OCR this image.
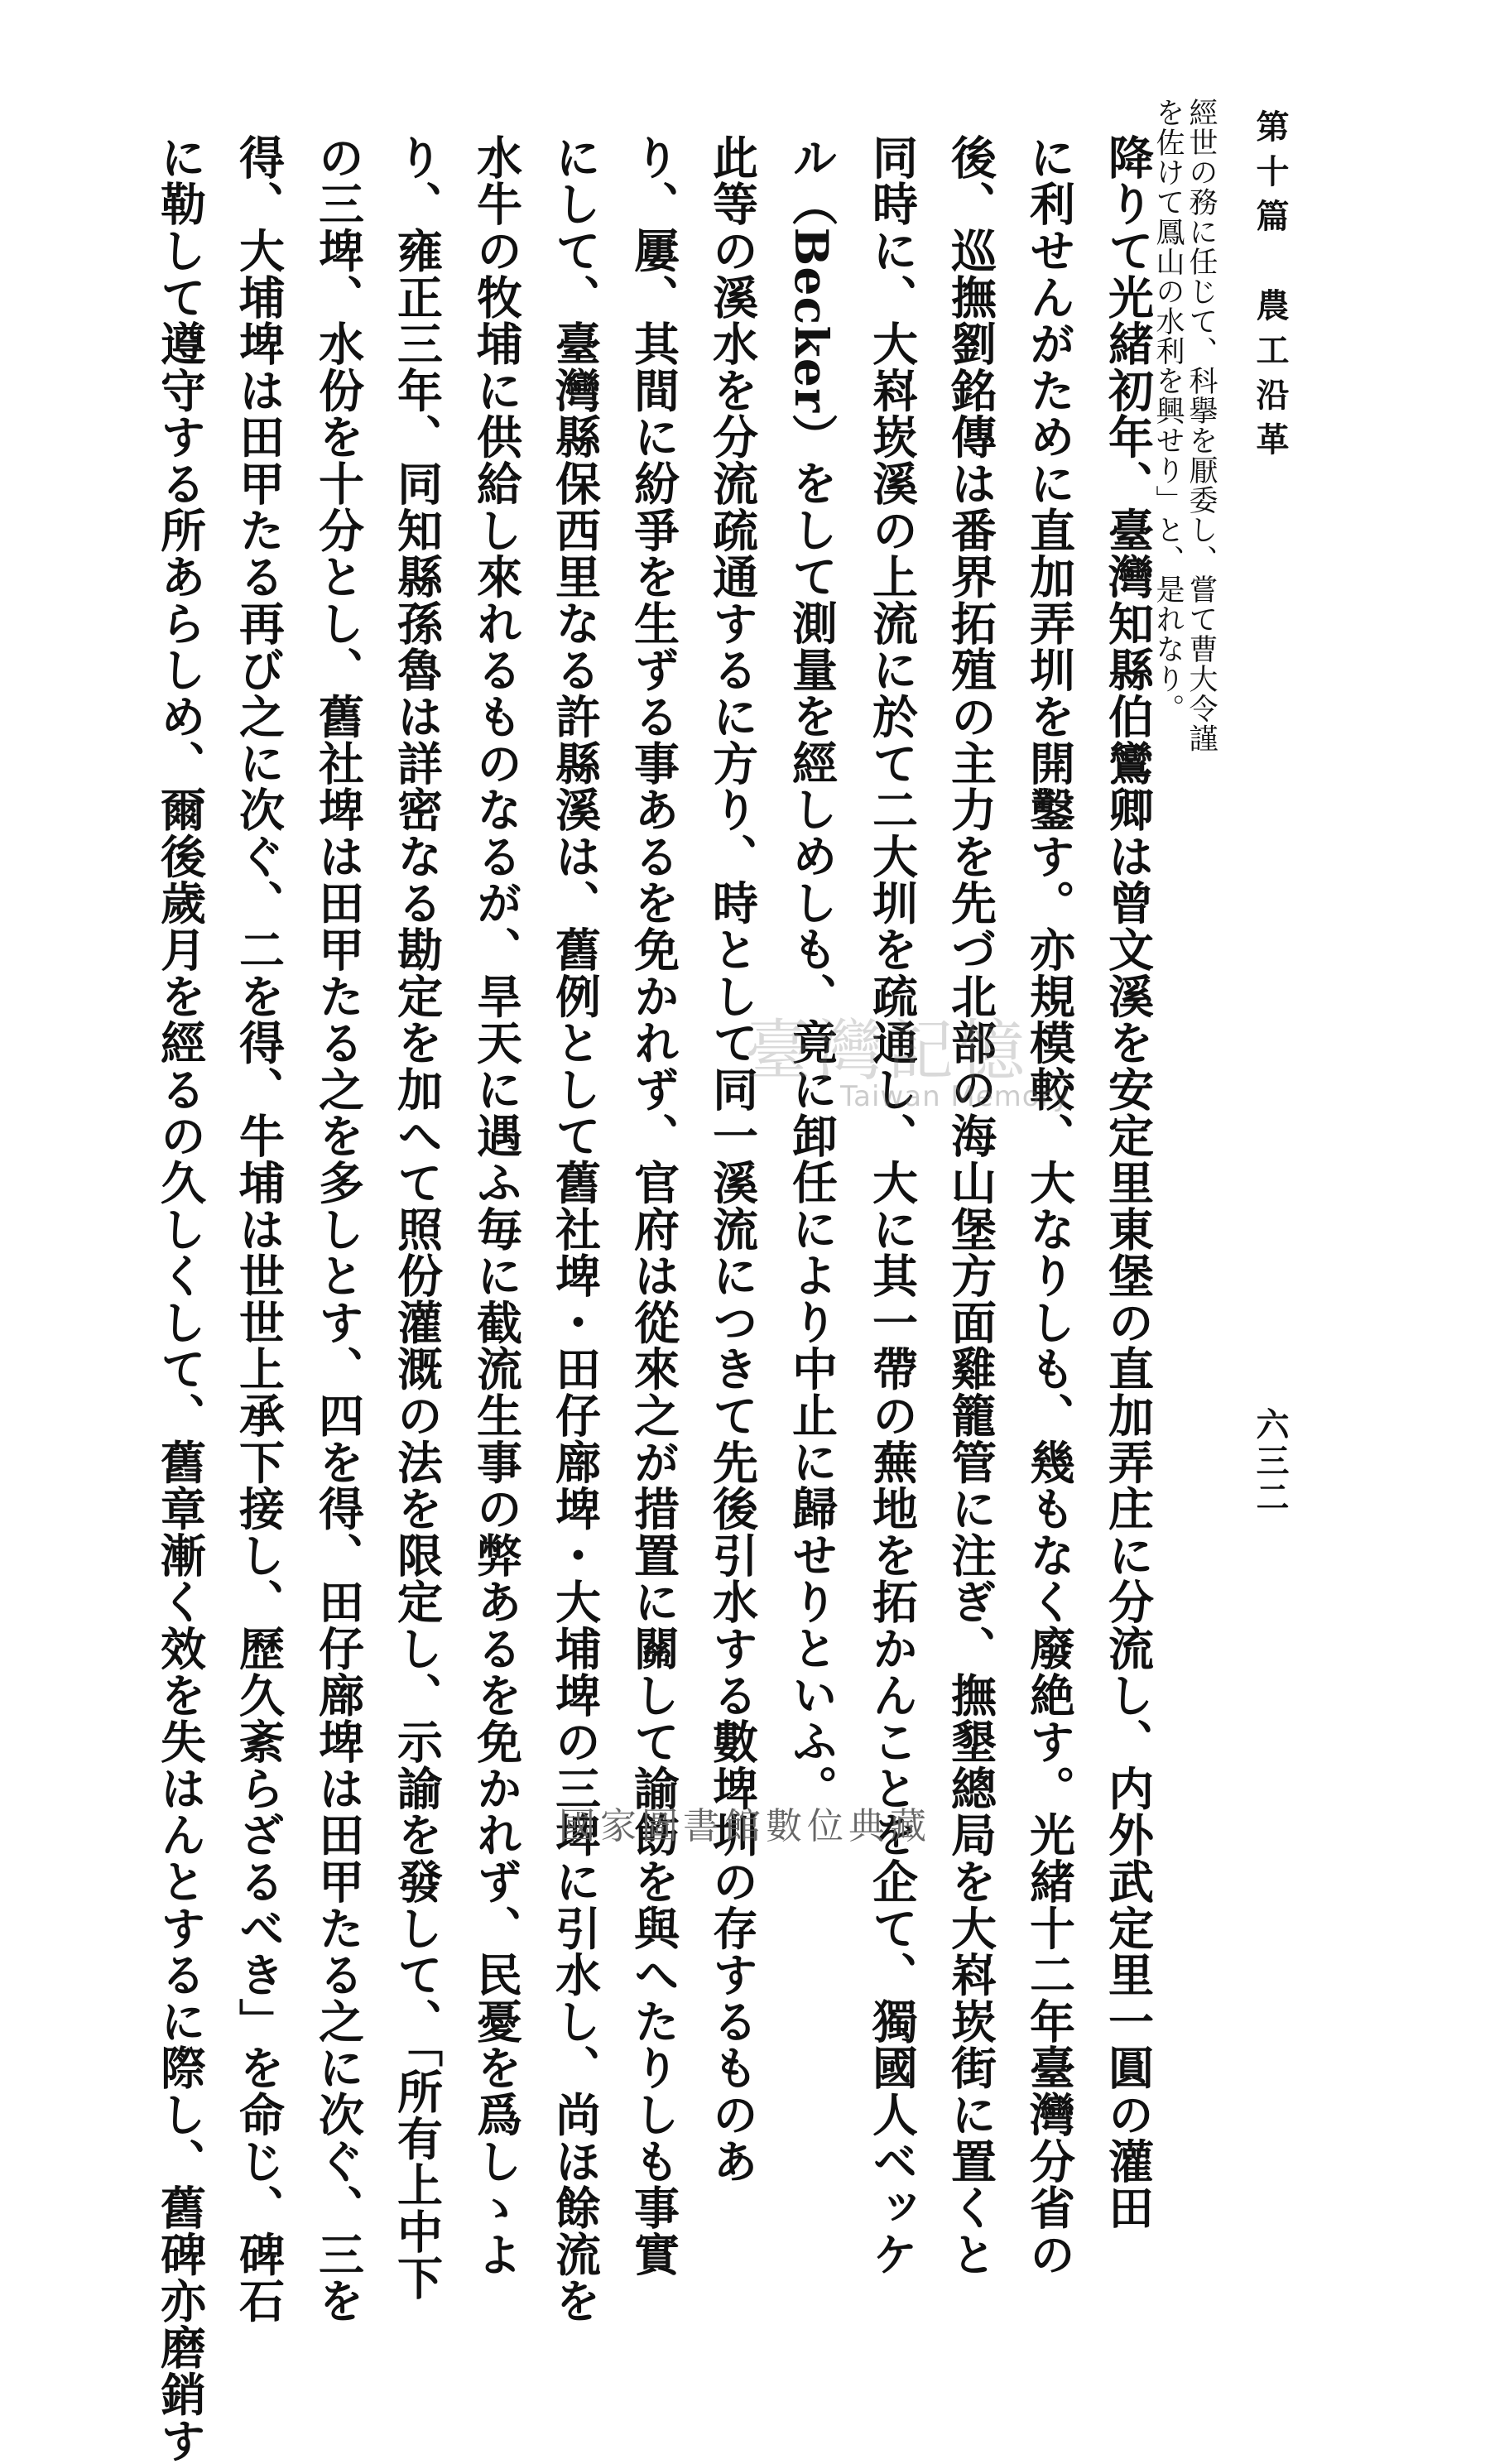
第十篇　農工沿革
六三二
經世の務に任じて、科擧を厭委し、嘗て曹大令謹
を佐けて鳳山の水利を興せり」と、是れなり。
降りて光緒初年、臺灣知縣伯鸞卿は曾文溪を安定里東堡の直加弄庄に分流し、内外武定里一圓の灌田
に利せんがために直加弄圳を開鑿す。亦規模較、大なりしも、幾もなく廢絶す。光緒十二年臺灣分省の
後、巡撫劉銘傳は番界拓殖の主力を先づ北部の海山堡方面雞籠管に注ぎ、撫墾總局を大嵙崁街に置くと
同時に、大嵙崁溪の上流に於て二大圳を疏通し、大に其一帶の蕪地を拓かんことを企て、獨國人ベッケ
ル（Becker）をして測量を經しめしも、竟に卸任により中止に歸せりといふ。
此等の溪水を分流疏通するに方り、時として同一溪流につきて先後引水する數埤圳の存するものあ
り、屢、其間に紛爭を生ずる事あるを免かれず、官府は從來之が措置に關して諭飭を與へたりしも事實
にして、臺灣縣保西里なる許縣溪は、舊例として舊社埤・田仔廍埤・大埔埤の三埤に引水し、尚ほ餘流を
水牛の牧埔に供給し來れるものなるが、旱天に遇ふ毎に截流生事の弊あるを免かれず、民憂を爲しゝよ
り、雍正三年、同知縣孫魯は詳密なる勘定を加へて照份灌溉の法を限定し、示諭を發して、「所有上中下
の三埤、水份を十分とし、舊社埤は田甲たる之を多しとす、四を得、田仔廍埤は田甲たる之に次ぐ、三を
得、大埔埤は田甲たる再び之に次ぐ、二を得、牛埔は世世上承下接し、歷久紊らざるべき」を命じ、碑石
に勒して遵守する所あらしめ、爾後歲月を經るの久しくして、舊章漸く效を失はんとするに際し、舊碑亦磨銷す	臺灣記憶
Taiwan Memory
國家圖書館數位典藏
